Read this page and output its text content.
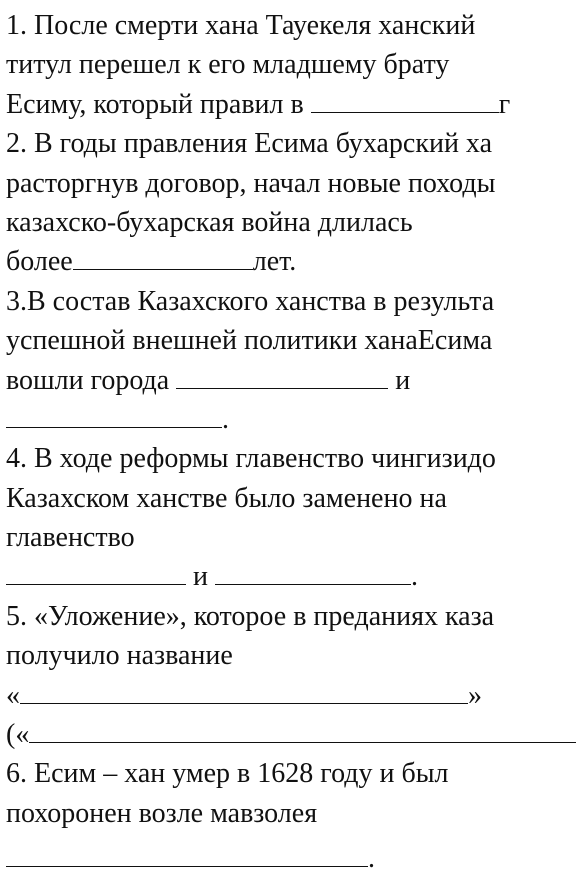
1. После смерти хана Тауекеля ханский
титул перешел к его младшему брату
Есиму, который правил в	г
2. В годы правления Есима бухарский ха
расторгнув договор, начал новые походы
казахско-бухарская война длилась
более	лет.
3.В состав Казахского ханства в результа
успешной внешней политики ханаЕсима
вошли города	и
.
4. В ходе реформы главенство чингизидо
Казахском ханстве было заменено на
главенство
и	.
5. «Уложение», которое в преданиях каза
получило название
«	»
(«
6. Есим – хан умер в 1628 году и был
похоронен возле мавзолея
.
